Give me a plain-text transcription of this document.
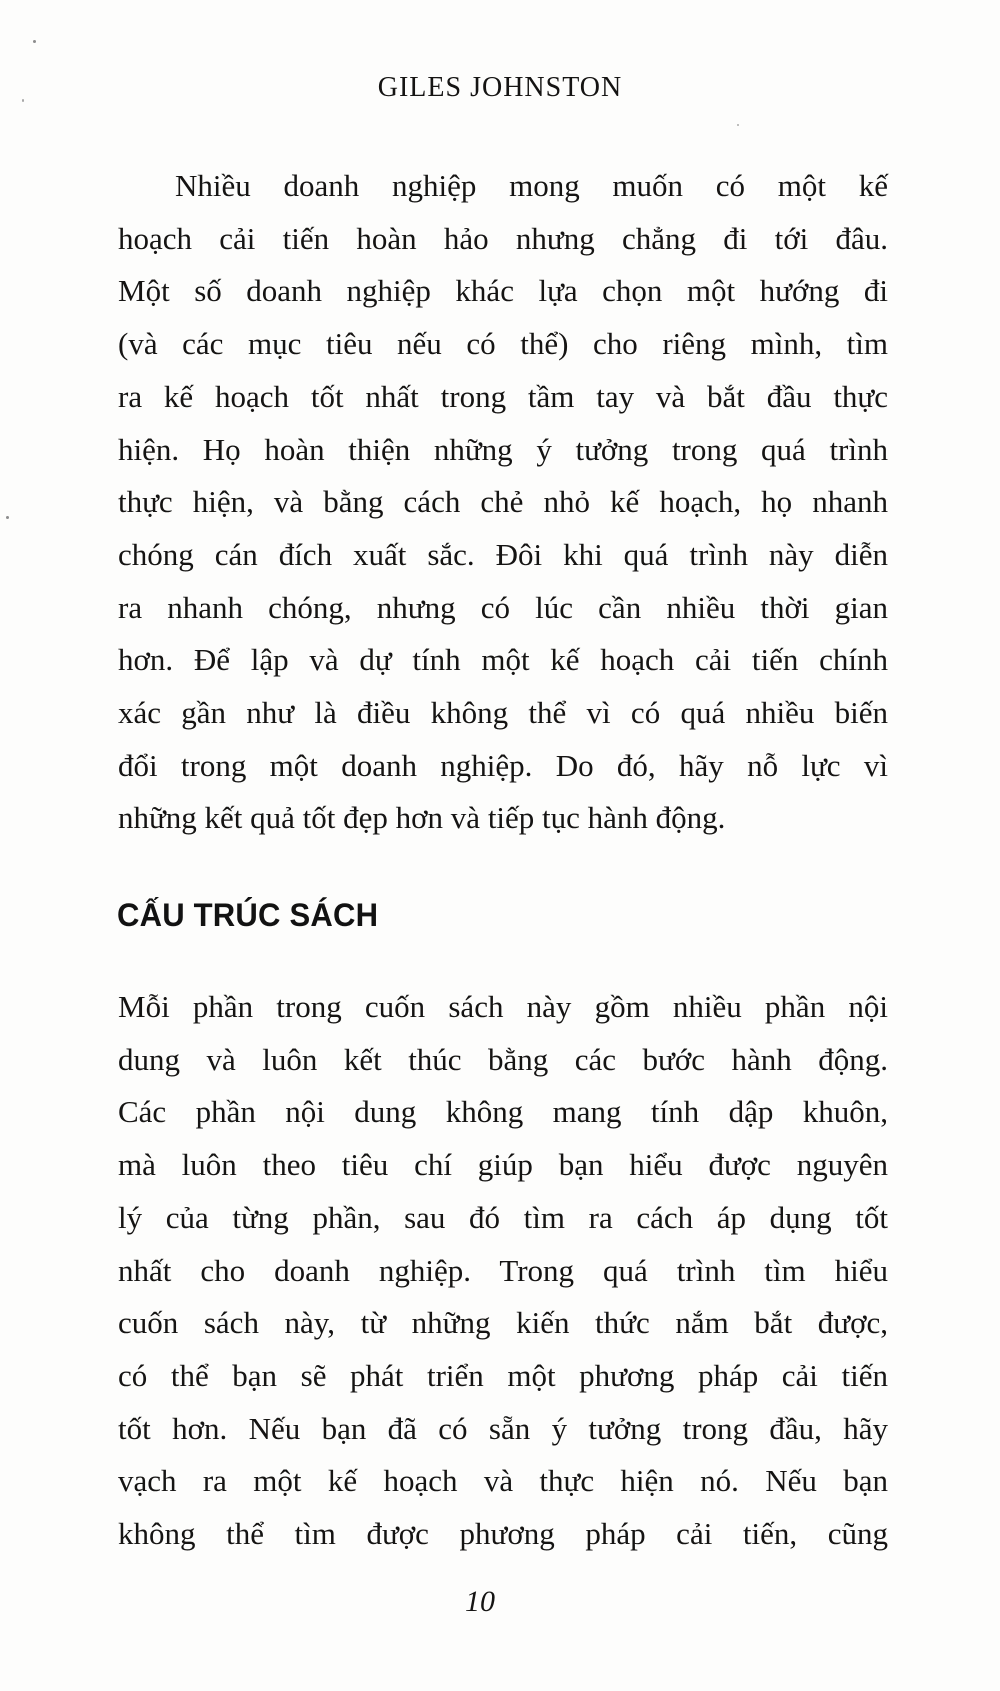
GILES JOHNSTON
Nhiều doanh nghiệp mong muốn có một kế
hoạch cải tiến hoàn hảo nhưng chẳng đi tới đâu.
Một số doanh nghiệp khác lựa chọn một hướng đi
(và các mục tiêu nếu có thể) cho riêng mình, tìm
ra kế hoạch tốt nhất trong tầm tay và bắt đầu thực
hiện. Họ hoàn thiện những ý tưởng trong quá trình
thực hiện, và bằng cách chẻ nhỏ kế hoạch, họ nhanh
chóng cán đích xuất sắc. Đôi khi quá trình này diễn
ra nhanh chóng, nhưng có lúc cần nhiều thời gian
hơn. Để lập và dự tính một kế hoạch cải tiến chính
xác gần như là điều không thể vì có quá nhiều biến
đổi trong một doanh nghiệp. Do đó, hãy nỗ lực vì
những kết quả tốt đẹp hơn và tiếp tục hành động.
CẤU TRÚC SÁCH
Mỗi phần trong cuốn sách này gồm nhiều phần nội
dung và luôn kết thúc bằng các bước hành động.
Các phần nội dung không mang tính dập khuôn,
mà luôn theo tiêu chí giúp bạn hiểu được nguyên
lý của từng phần, sau đó tìm ra cách áp dụng tốt
nhất cho doanh nghiệp. Trong quá trình tìm hiểu
cuốn sách này, từ những kiến thức nắm bắt được,
có thể bạn sẽ phát triển một phương pháp cải tiến
tốt hơn. Nếu bạn đã có sẵn ý tưởng trong đầu, hãy
vạch ra một kế hoạch và thực hiện nó. Nếu bạn
không thể tìm được phương pháp cải tiến, cũng
10
